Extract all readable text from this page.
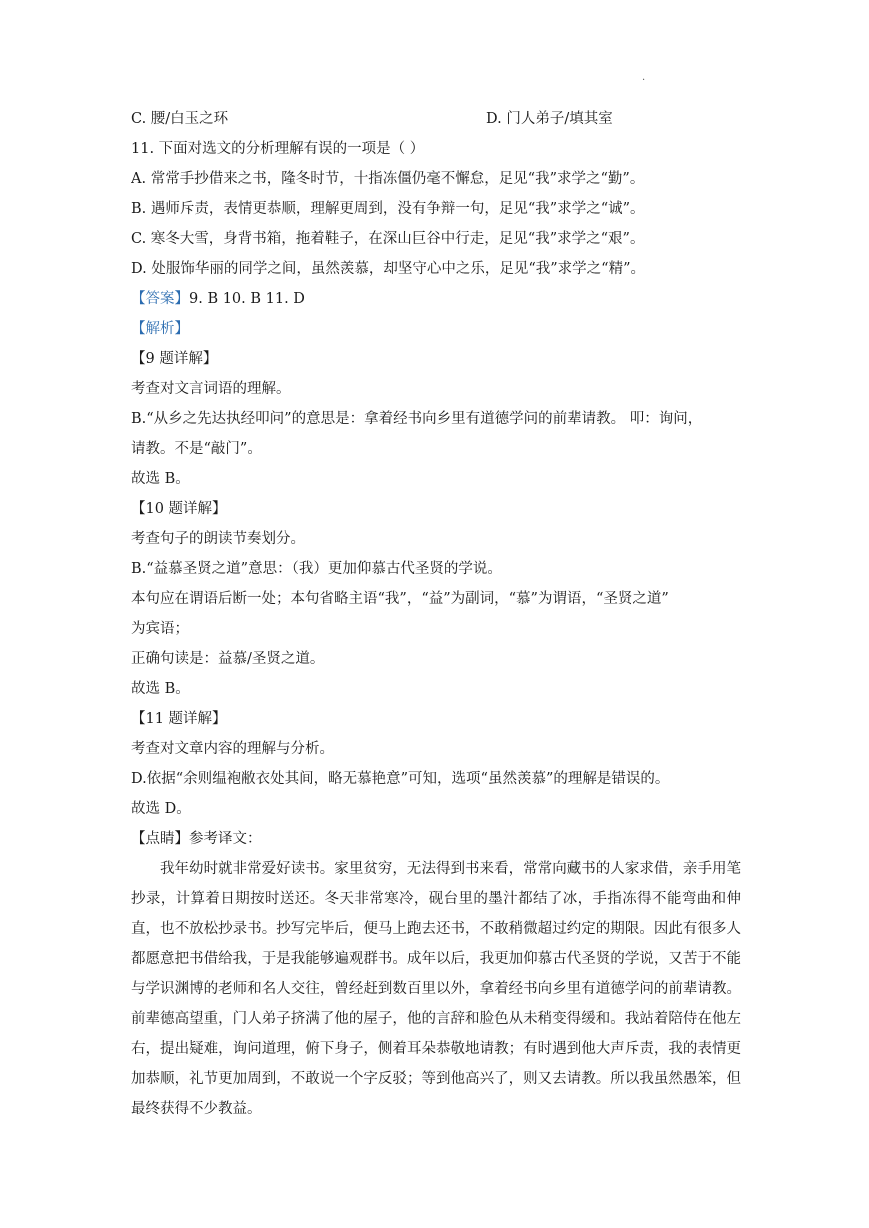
.
C. 腰/白玉之环	D. 门人弟子/填其室
11. 下面对选文的分析理解有误的一项是（ ）
A. 常常手抄借来之书，隆冬时节，十指冻僵仍毫不懈怠，足见“我”求学之“勤”。
B. 遇师斥责，表情更恭顺，理解更周到，没有争辩一句，足见“我”求学之“诚”。
C. 寒冬大雪，身背书箱，拖着鞋子，在深山巨谷中行走，足见“我”求学之“艰”。
D. 处服饰华丽的同学之间，虽然羡慕，却坚守心中之乐，足见“我”求学之“精”。
【答案】9. B 10. B 11. D
【解析】
【9 题详解】
考查对文言词语的理解。
B.“从乡之先达执经叩问”的意思是：拿着经书向乡里有道德学问的前辈请教。 叩：询问，
请教。不是“敲门”。
故选 B。
【10 题详解】
考查句子的朗读节奏划分。
B.“益慕圣贤之道”意思：（我）更加仰慕古代圣贤的学说。
本句应在谓语后断一处；本句省略主语“我”，“益”为副词，“慕”为谓语，“圣贤之道”
为宾语；
正确句读是：益慕/圣贤之道。
故选 B。
【11 题详解】
考查对文章内容的理解与分析。
D.依据“余则缊袍敝衣处其间，略无慕艳意”可知，选项“虽然羡慕”的理解是错误的。
故选 D。
【点睛】参考译文：

我年幼时就非常爱好读书。家里贫穷，无法得到书来看，常常向藏书的人家求借，亲手用笔抄录，计算着日期按时送还。冬天非常寒冷，砚台里的墨汁都结了冰，手指冻得不能弯曲和伸直，也不放松抄录书。抄写完毕后，便马上跑去还书，不敢稍微超过约定的期限。因此有很多人都愿意把书借给我，于是我能够遍观群书。成年以后，我更加仰慕古代圣贤的学说，又苦于不能与学识渊博的老师和名人交往，曾经赶到数百里以外，拿着经书向乡里有道德学问的前辈请教。前辈德高望重，门人弟子挤满了他的屋子，他的言辞和脸色从未稍变得缓和。我站着陪侍在他左右，提出疑难，询问道理，俯下身子，侧着耳朵恭敬地请教；有时遇到他大声斥责，我的表情更加恭顺，礼节更加周到，不敢说一个字反驳；等到他高兴了，则又去请教。所以我虽然愚笨，但最终获得不少教益。
